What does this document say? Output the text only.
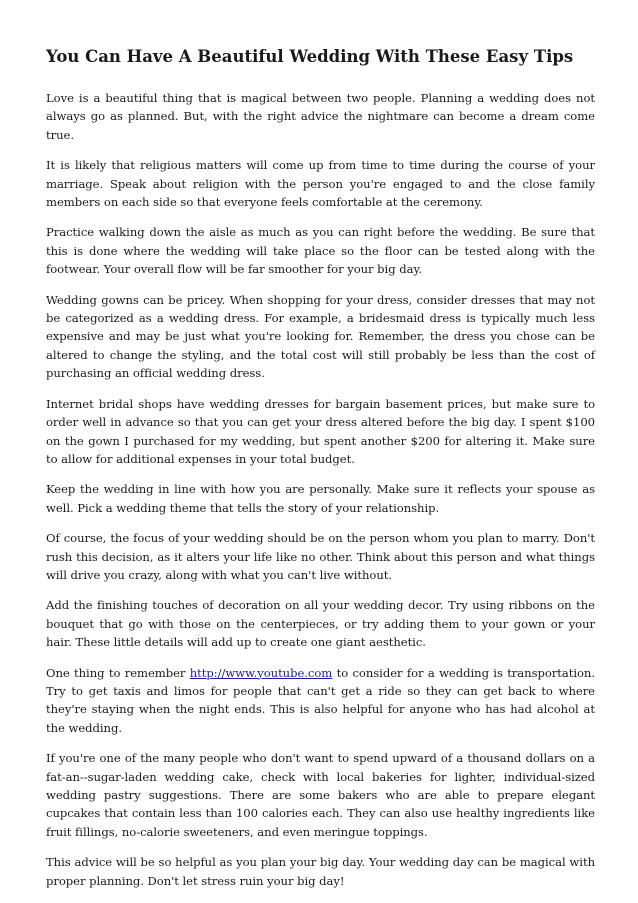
You Can Have A Beautiful Wedding With These Easy Tips

Love is a beautiful thing that is magical between two people. Planning a wedding does not always go as planned. But, with the right advice the nightmare can become a dream come true.

It is likely that religious matters will come up from time to time during the course of your marriage. Speak about religion with the person you're engaged to and the close family members on each side so that everyone feels comfortable at the ceremony.

Practice walking down the aisle as much as you can right before the wedding. Be sure that this is done where the wedding will take place so the floor can be tested along with the footwear. Your overall flow will be far smoother for your big day.

Wedding gowns can be pricey. When shopping for your dress, consider dresses that may not be categorized as a wedding dress. For example, a bridesmaid dress is typically much less expensive and may be just what you're looking for. Remember, the dress you chose can be altered to change the styling, and the total cost will still probably be less than the cost of purchasing an official wedding dress.

Internet bridal shops have wedding dresses for bargain basement prices, but make sure to order well in advance so that you can get your dress altered before the big day. I spent $100 on the gown I purchased for my wedding, but spent another $200 for altering it. Make sure to allow for additional expenses in your total budget.

Keep the wedding in line with how you are personally. Make sure it reflects your spouse as well. Pick a wedding theme that tells the story of your relationship.

Of course, the focus of your wedding should be on the person whom you plan to marry. Don't rush this decision, as it alters your life like no other. Think about this person and what things will drive you crazy, along with what you can't live without.

Add the finishing touches of decoration on all your wedding decor. Try using ribbons on the bouquet that go with those on the centerpieces, or try adding them to your gown or your hair. These little details will add up to create one giant aesthetic.

One thing to remember http://www.youtube.com to consider for a wedding is transportation. Try to get taxis and limos for people that can't get a ride so they can get back to where they're staying when the night ends. This is also helpful for anyone who has had alcohol at the wedding.

If you're one of the many people who don't want to spend upward of a thousand dollars on a fat-an--sugar-laden wedding cake, check with local bakeries for lighter, individual-sized wedding pastry suggestions. There are some bakers who are able to prepare elegant cupcakes that contain less than 100 calories each. They can also use healthy ingredients like fruit fillings, no-calorie sweeteners, and even meringue toppings.

This advice will be so helpful as you plan your big day. Your wedding day can be magical with proper planning. Don't let stress ruin your big day!
